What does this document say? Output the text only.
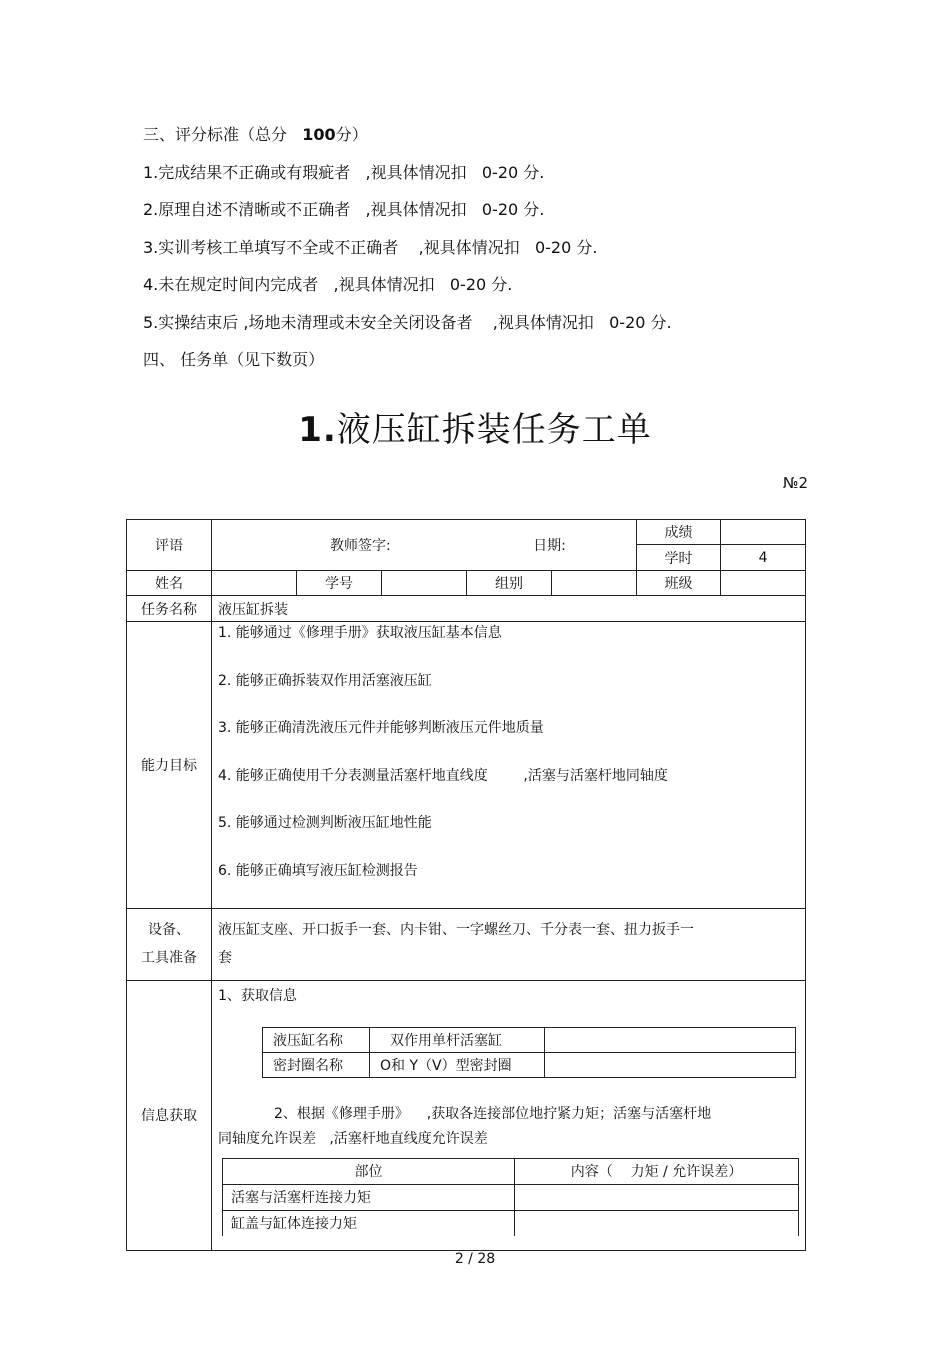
三、评分标准（总分 100分）

1.完成结果不正确或有瑕疵者   ,视具体情况扣   0-20 分.

2.原理自述不清晰或不正确者   ,视具体情况扣   0-20 分.

3.实训考核工单填写不全或不正确者    ,视具体情况扣   0-20 分.

4.未在规定时间内完成者   ,视具体情况扣   0-20 分.

5.实操结束后 ,场地未清理或未安全关闭设备者    ,视具体情况扣   0-20 分.

四、 任务单（见下数页）

1.液压缸拆装任务工单
№2
评语	教师签字:	日期:	成绩	
学时	4
姓名		学号		组别		班级	
任务名称	液压缸拆装
能力目标	
1. 能够通过《修理手册》获取液压缸基本信息
2. 能够正确拆装双作用活塞液压缸
3. 能够正确清洗液压元件并能够判断液压元件地质量
4. 能够正确使用千分表测量活塞杆地直线度        ,活塞与活塞杆地同轴度
5. 能够通过检测判断液压缸地性能
6. 能够正确填写液压缸检测报告

设备、
工具准备

液压缸支座、开口扳手一套、内卡钳、一字螺丝刀、千分表一套、扭力扳手一
套

信息获取	
1、获取信息
液压缸名称	双作用单杆活塞缸	
密封圈名称	O和 Y（V）型密封圈	
2、根据《修理手册》    ,获取各连接部位地拧紧力矩；活塞与活塞杆地
同轴度允许误差   ,活塞杆地直线度允许误差
部位	内容（    力矩 / 允许误差）
活塞与活塞杆连接力矩	
缸盖与缸体连接力矩	
2 / 28
